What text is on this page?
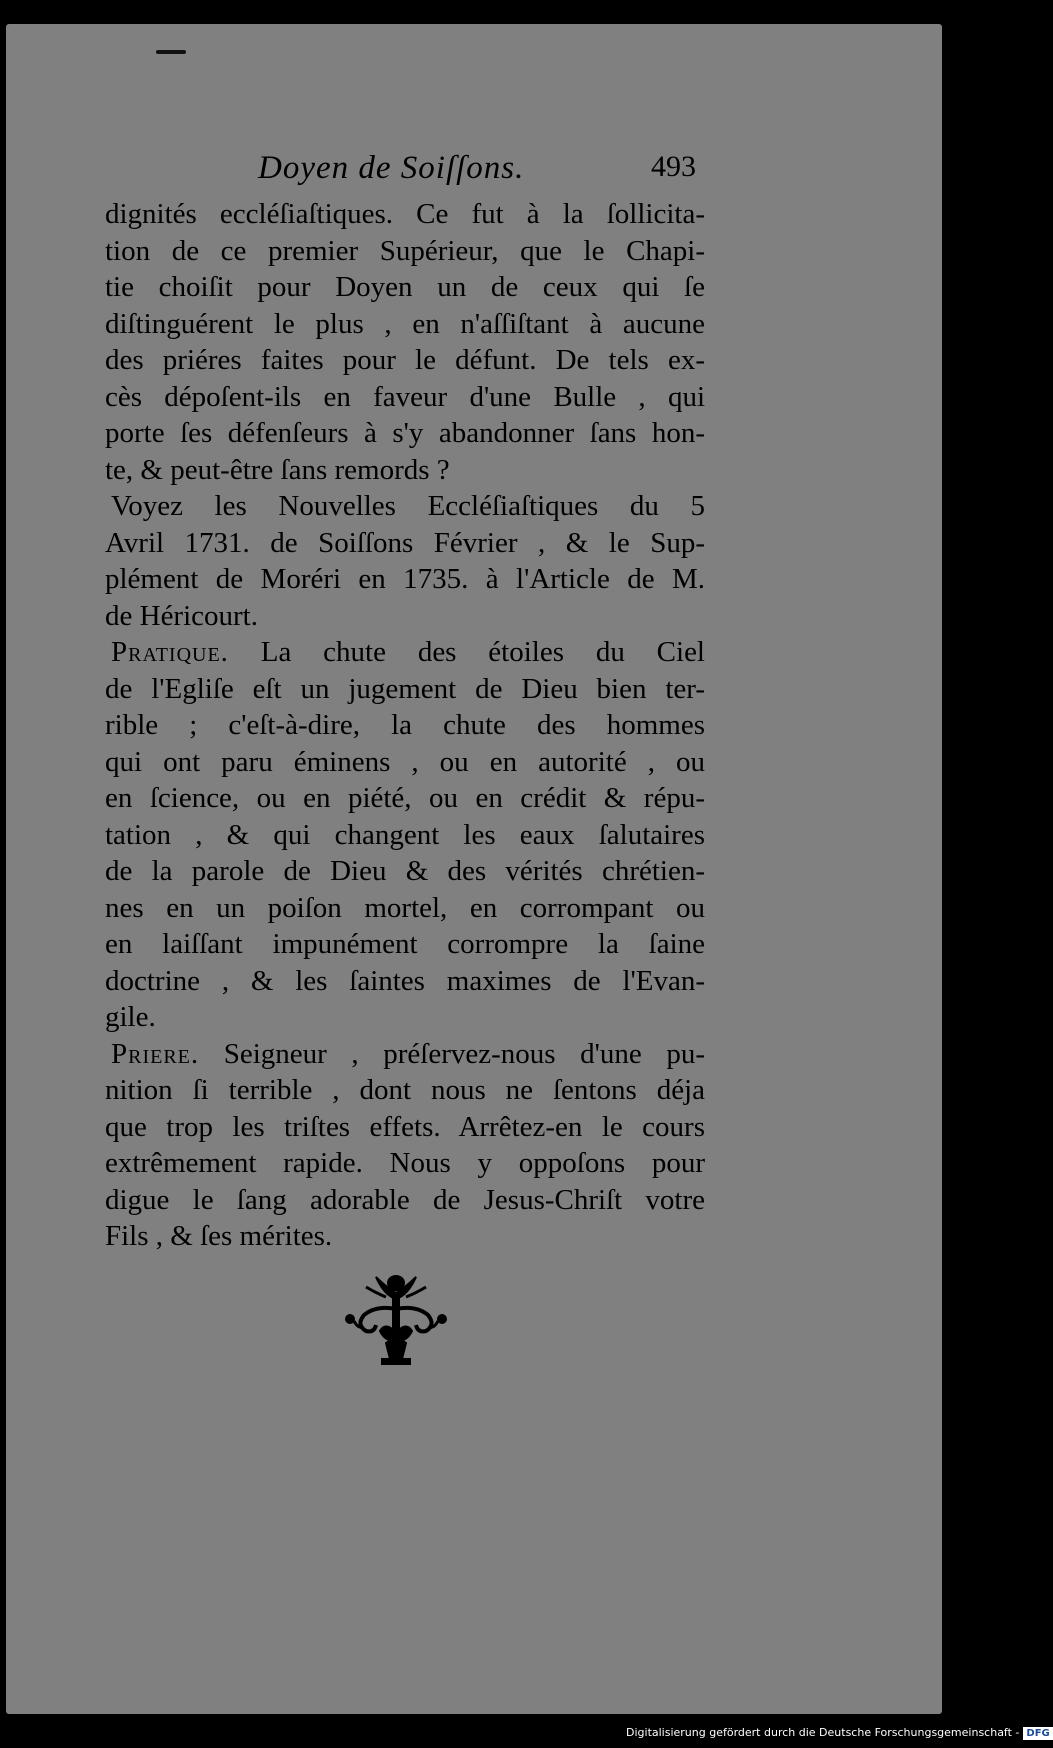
Doyen de Soiſſons.	493
dignités eccléſiaſtiques. Ce fut à la ſollicita-
tion de ce premier Supérieur, que le Chapi-
tie choiſit pour Doyen un de ceux qui ſe
diſtinguérent le plus , en n'aſſiſtant à aucune
des priéres faites pour le défunt. De tels ex-
cès dépoſent-ils en faveur d'une Bulle , qui
porte ſes défenſeurs à s'y abandonner ſans hon-
te, & peut-être ſans remords ?
Voyez les Nouvelles Eccléſiaſtiques du 5
Avril 1731. de Soiſſons Février , & le Sup-
plément de Moréri en 1735. à l'Article de M.
de Héricourt.
Pratique. La chute des étoiles du Ciel
de l'Egliſe eſt un jugement de Dieu bien ter-
rible ; c'eſt-à-dire, la chute des hommes
qui ont paru éminens , ou en autorité , ou
en ſcience, ou en piété, ou en crédit & répu-
tation , & qui changent les eaux ſalutaires
de la parole de Dieu & des vérités chrétien-
nes en un poiſon mortel, en corrompant ou
en laiſſant impunément corrompre la ſaine
doctrine , & les ſaintes maximes de l'Evan-
gile.
Priere. Seigneur , préſervez-nous d'une pu-
nition ſi terrible , dont nous ne ſentons déja
que trop les triſtes effets. Arrêtez-en le cours
extrêmement rapide. Nous y oppoſons pour
digue le ſang adorable de Jesus-Chriſt votre
Fils , & ſes mérites.
Digitalisierung gefördert durch die Deutsche Forschungsgemeinschaft - DFG
